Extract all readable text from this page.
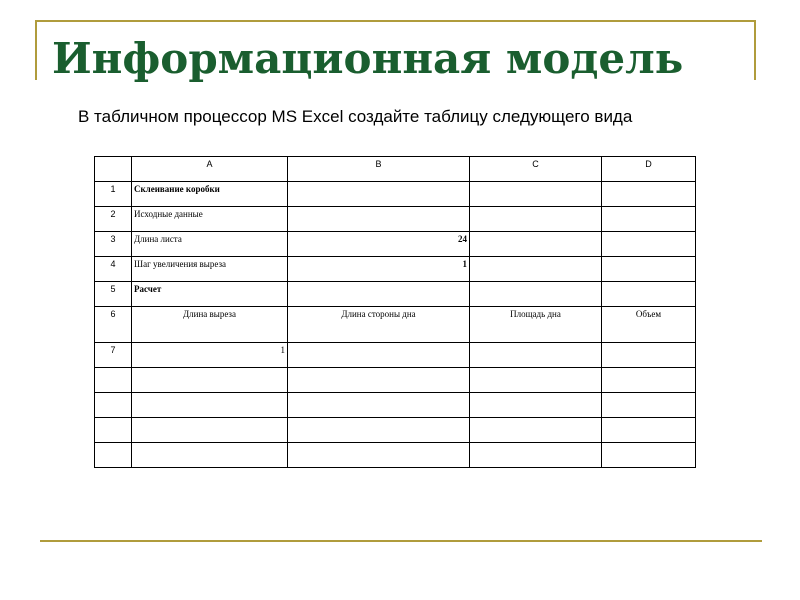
Информационная модель

В табличном процессор MS Excel создайте таблицу следующего вида

	A	B	C	D
1	Склеивание коробки			
2	Исходные данные			
3	Длина листа	24		
4	Шаг увеличения выреза	1		
5	Расчет			
6	Длина выреза	Длина стороны дна	Площадь дна	Объем
7	1			
